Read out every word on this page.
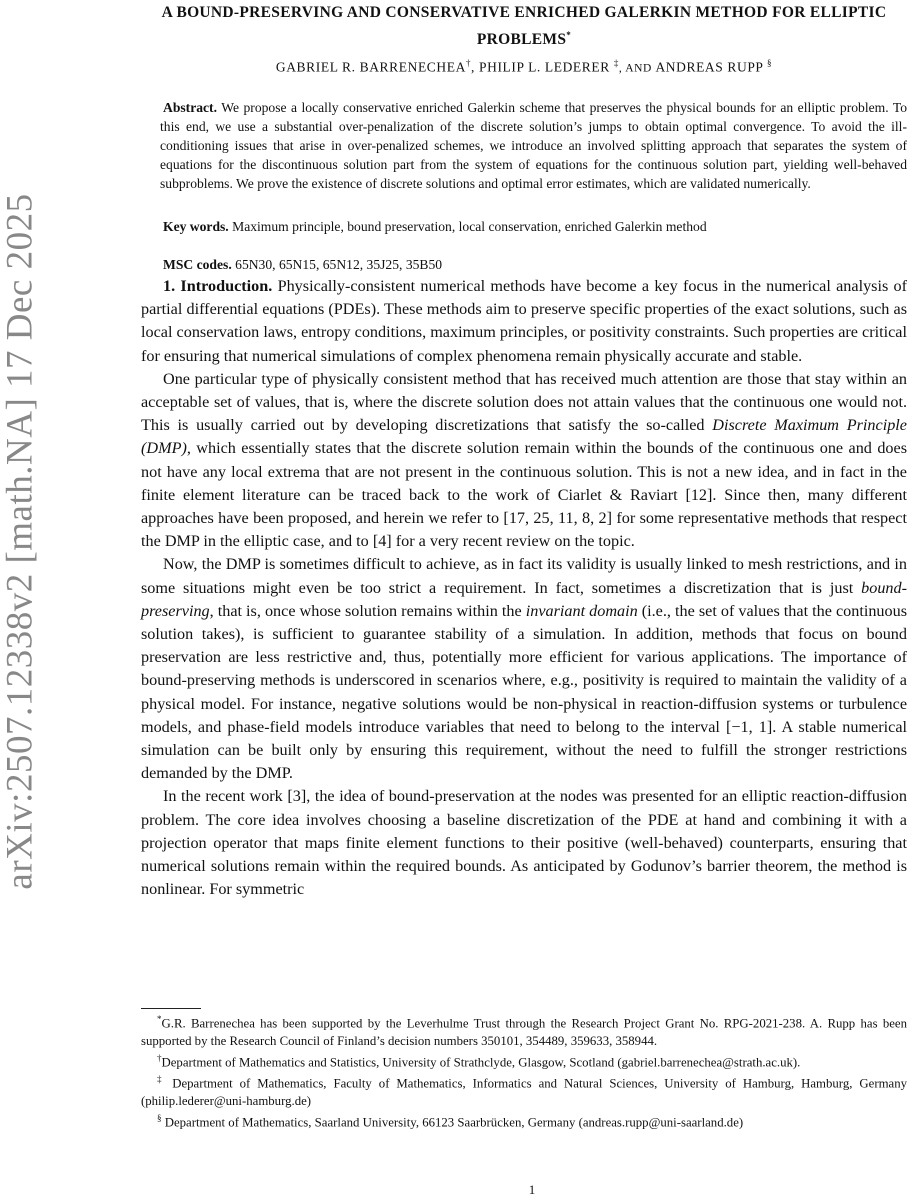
arXiv:2507.12338v2 [math.NA] 17 Dec 2025
A BOUND-PRESERVING AND CONSERVATIVE ENRICHED GALERKIN METHOD FOR ELLIPTIC PROBLEMS*
GABRIEL R. BARRENECHEA†, PHILIP L. LEDERER ‡, AND ANDREAS RUPP §
Abstract. We propose a locally conservative enriched Galerkin scheme that preserves the physical bounds for an elliptic problem. To this end, we use a substantial over-penalization of the discrete solution’s jumps to obtain optimal convergence. To avoid the ill-conditioning issues that arise in over-penalized schemes, we introduce an involved splitting approach that separates the system of equations for the discontinuous solution part from the system of equations for the continuous solution part, yielding well-behaved subproblems. We prove the existence of discrete solutions and optimal error estimates, which are validated numerically.
Key words. Maximum principle, bound preservation, local conservation, enriched Galerkin method
MSC codes. 65N30, 65N15, 65N12, 35J25, 35B50

1. Introduction. Physically-consistent numerical methods have become a key focus in the numerical analysis of partial differential equations (PDEs). These methods aim to preserve specific properties of the exact solutions, such as local conservation laws, entropy conditions, maximum principles, or positivity constraints. Such properties are critical for ensuring that numerical simulations of complex phenomena remain physically accurate and stable.

One particular type of physically consistent method that has received much attention are those that stay within an acceptable set of values, that is, where the discrete solution does not attain values that the continuous one would not. This is usually carried out by developing discretizations that satisfy the so-called Discrete Maximum Principle (DMP), which essentially states that the discrete solution remain within the bounds of the continuous one and does not have any local extrema that are not present in the continuous solution. This is not a new idea, and in fact in the finite element literature can be traced back to the work of Ciarlet & Raviart [12]. Since then, many different approaches have been proposed, and herein we refer to [17, 25, 11, 8, 2] for some representative methods that respect the DMP in the elliptic case, and to [4] for a very recent review on the topic.

Now, the DMP is sometimes difficult to achieve, as in fact its validity is usually linked to mesh restrictions, and in some situations might even be too strict a requirement. In fact, sometimes a discretization that is just bound-preserving, that is, once whose solution remains within the invariant domain (i.e., the set of values that the continuous solution takes), is sufficient to guarantee stability of a simulation. In addition, methods that focus on bound preservation are less restrictive and, thus, potentially more efficient for various applications. The importance of bound-preserving methods is underscored in scenarios where, e.g., positivity is required to maintain the validity of a physical model. For instance, negative solutions would be non-physical in reaction-diffusion systems or turbulence models, and phase-field models introduce variables that need to belong to the interval [−1, 1]. A stable numerical simulation can be built only by ensuring this requirement, without the need to fulfill the stronger restrictions demanded by the DMP.

In the recent work [3], the idea of bound-preservation at the nodes was presented for an elliptic reaction-diffusion problem. The core idea involves choosing a baseline discretization of the PDE at hand and combining it with a projection operator that maps finite element functions to their positive (well-behaved) counterparts, ensuring that numerical solutions remain within the required bounds. As anticipated by Godunov’s barrier theorem, the method is nonlinear. For symmetric

*G.R. Barrenechea has been supported by the Leverhulme Trust through the Research Project Grant No. RPG-2021-238. A. Rupp has been supported by the Research Council of Finland’s decision numbers 350101, 354489, 359633, 358944.

†Department of Mathematics and Statistics, University of Strathclyde, Glasgow, Scotland (gabriel.barrenechea@strath.ac.uk).

‡ Department of Mathematics, Faculty of Mathematics, Informatics and Natural Sciences, University of Hamburg, Hamburg, Germany (philip.lederer@uni-hamburg.de)

§ Department of Mathematics, Saarland University, 66123 Saarbrücken, Germany (andreas.rupp@uni-saarland.de)

1
